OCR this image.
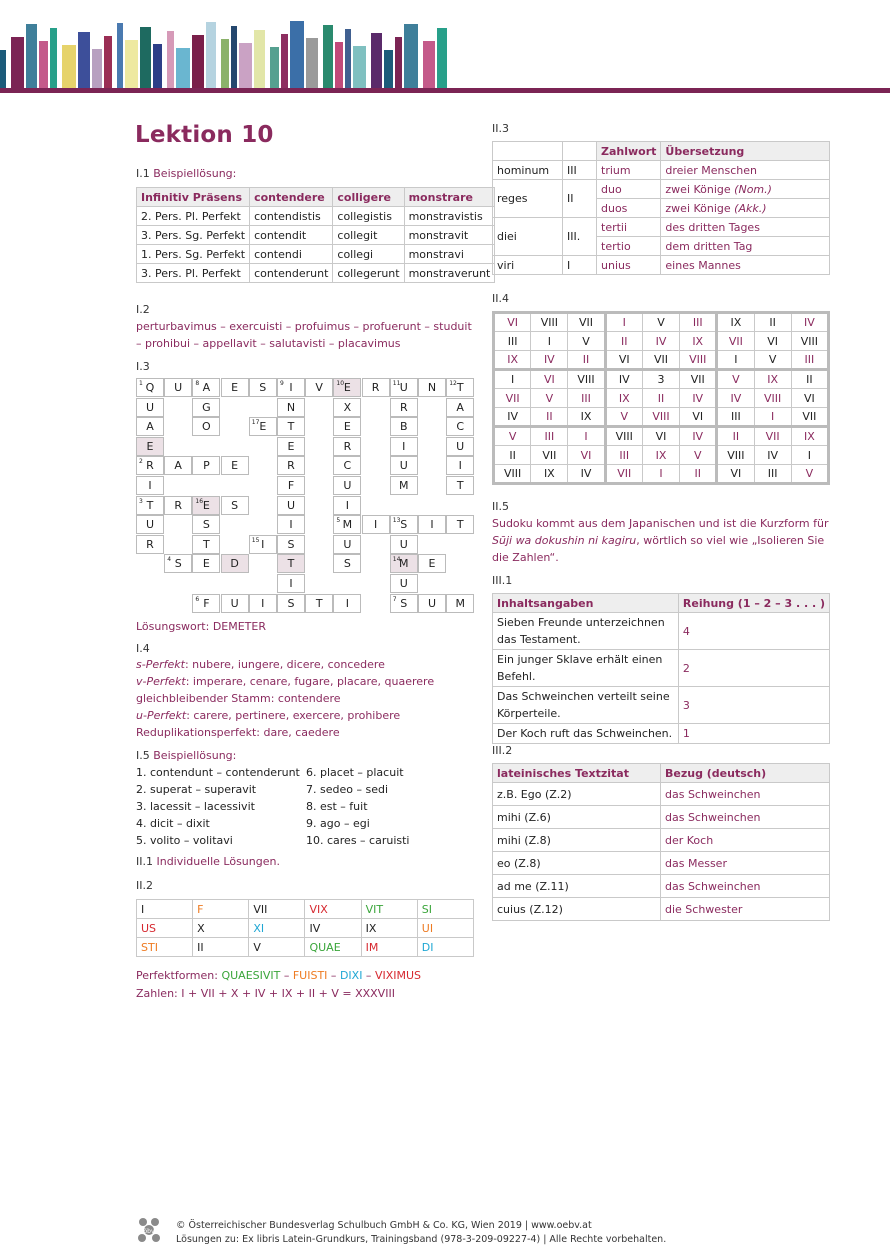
Lektion 10
I.1 Beispiellösung:
Infinitiv Präsens	contendere	colligere	monstrare
2. Pers. Pl. Perfekt	contendistis	collegistis	monstravistis
3. Pers. Sg. Perfekt	contendit	collegit	monstravit
1. Pers. Sg. Perfekt	contendi	collegi	monstravi
3. Pers. Pl. Perfekt	contenderunt	collegerunt	monstraverunt
I.2
perturbavimus – exercuisti – profuimus – profuerunt – studuit – prohibui – appellavit – salutavisti – placavimus
I.3
1 Q	U	8 A	E	S	9 I	V	10 E	R	11 U	N	12 T
U	G	N	X	R	A
A	O	17 E	T	E	B	C
E	E	R	I	U
2 R	A	P	E	R	C	U	I
I	F	U	M	T
3 T	R	16 E	S	U	I
U	S	I	5 M	I	13 S	I	T
R	T	15 I	S	U	U
4 S	E	D	T	S	14
M	E
I	U
6 F	U	I	S	T	I	7 S	U	M
Lösungswort: DEMETER
I.4
s-Perfekt: nubere, iungere, dicere, concedere
v-Perfekt: imperare, cenare, fugare, placare, quaerere
gleichbleibender Stamm: contendere
u-Perfekt: carere, pertinere, exercere, prohibere
Reduplikationsperfekt: dare, caedere
I.5 Beispiellösung:
1. contendunt – contenderunt
2. superat – superavit
3. lacessit – lacessivit
4. dicit – dixit
5. volito – volitavi
6. placet – placuit
7. sedeo – sedi
8. est – fuit
9. ago – egi
10. cares – caruisti
II.1 Individuelle Lösungen.
II.2
I	F	VII	VIX	VIT	SI
US	X	XI	IV	IX	UI
STI	II	V	QUAE	IM	DI
Perfektformen: QUAESIVIT – FUISTI – DIXI – VIXIMUS
Zahlen: I + VII + X + IV + IX + II + V = XXXVIII
II.3
		Zahlwort	Übersetzung
hominum	III	trium	dreier Menschen
reges	II	duo	zwei Könige (Nom.)
		duos	zwei Könige (Akk.)
diei	III.	tertii	des dritten Tages
		tertio	dem dritten Tag
viri	I	unius	eines Mannes
II.4
VI	VIII	VII	I	V	III	IX	II	IV
III	I	V	II	IV	IX	VII	VI	VIII
IX	IV	II	VI	VII	VIII	I	V	III
I	VI	VIII	IV	3	VII	V	IX	II
VII	V	III	IX	II	IV	IV	VIII	VI
IV	II	IX	V	VIII	VI	III	I	VII
V	III	I	VIII	VI	IV	II	VII	IX
II	VII	VI	III	IX	V	VIII	IV	I
VIII	IX	IV	VII	I	II	VI	III	V
II.5
Sudoku kommt aus dem Japanischen und ist die Kurzform für Sūji wa dokushin ni kagiru, wörtlich so viel wie „Isolieren Sie die Zahlen“.
III.1
Inhaltsangaben	Reihung (1 – 2 – 3 . . . )
Sieben Freunde unterzeichnen das Testament.	4
Ein junger Sklave erhält einen Befehl.	2
Das Schweinchen verteilt seine Körperteile.	3
Der Koch ruft das Schweinchen.	1
III.2
lateinisches Textzitat	Bezug (deutsch)
z.B. Ego (Z.2)	das Schweinchen
mihi (Z.6)	das Schweinchen
mihi (Z.8)	der Koch
eo (Z.8)	das Messer
ad me (Z.11)	das Schweinchen
cuius (Z.12)	die Schwester
öbv
© Österreichischer Bundesverlag Schulbuch GmbH & Co. KG, Wien 2019 | www.oebv.at
Lösungen zu: Ex libris Latein-Grundkurs, Trainingsband (978-3-209-09227-4) | Alle Rechte vorbehalten.
